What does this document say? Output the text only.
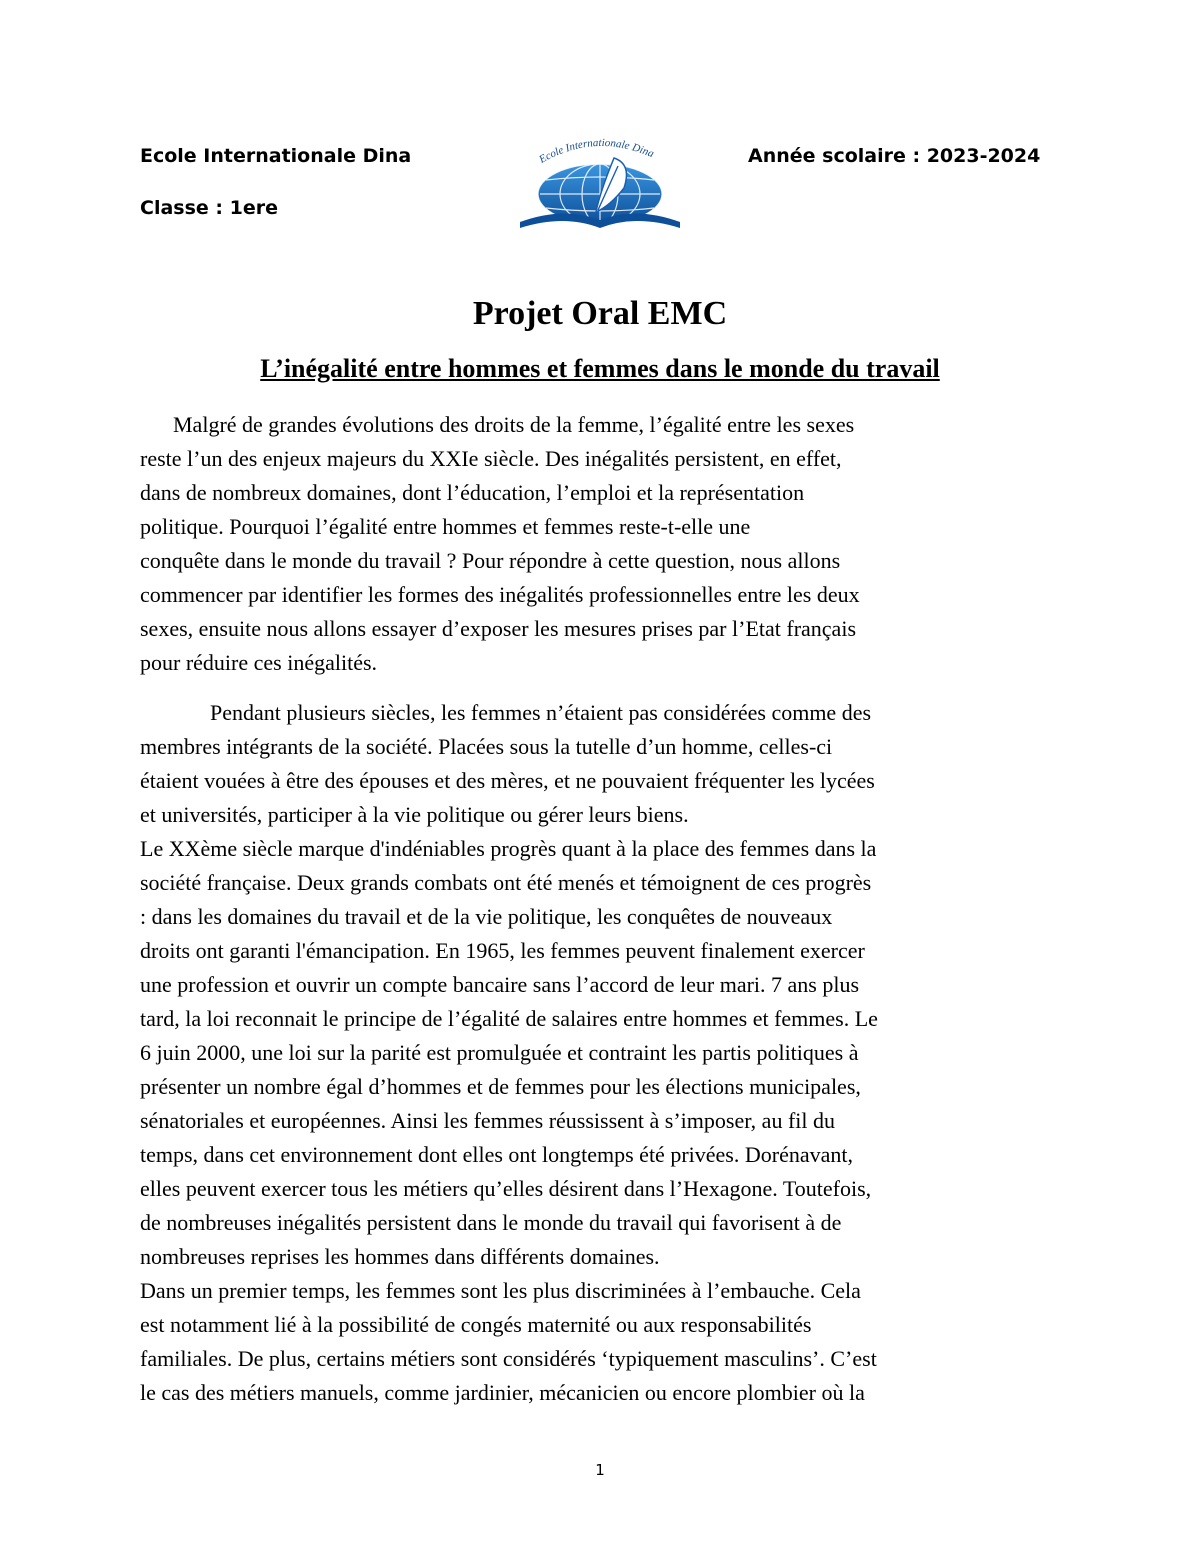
Ecole Internationale Dina
Classe : 1ere
Année scolaire : 2023-2024
Ecole Internationale Dina
Projet Oral EMC
L’inégalité entre hommes et femmes dans le monde du travail
Malgré de grandes évolutions des droits de la femme, l’égalité entre les sexes
reste l’un des enjeux majeurs du XXIe siècle. Des inégalités persistent, en effet,
dans de nombreux domaines, dont l’éducation, l’emploi et la représentation
politique. Pourquoi l’égalité entre hommes et femmes reste-t-elle une
conquête dans le monde du travail ? Pour répondre à cette question, nous allons
commencer par identifier les formes des inégalités professionnelles entre les deux
sexes, ensuite nous allons essayer d’exposer les mesures prises par l’Etat français
pour réduire ces inégalités.
Pendant plusieurs siècles, les femmes n’étaient pas considérées comme des
membres intégrants de la société. Placées sous la tutelle d’un homme, celles-ci
étaient vouées à être des épouses et des mères, et ne pouvaient fréquenter les lycées
et universités, participer à la vie politique ou gérer leurs biens.
Le XXème siècle marque d'indéniables progrès quant à la place des femmes dans la
société française. Deux grands combats ont été menés et témoignent de ces progrès
: dans les domaines du travail et de la vie politique, les conquêtes de nouveaux
droits ont garanti l'émancipation. En 1965, les femmes peuvent finalement exercer
une profession et ouvrir un compte bancaire sans l’accord de leur mari. 7 ans plus
tard, la loi reconnait le principe de l’égalité de salaires entre hommes et femmes. Le
6 juin 2000, une loi sur la parité est promulguée et contraint les partis politiques à
présenter un nombre égal d’hommes et de femmes pour les élections municipales,
sénatoriales et européennes. Ainsi les femmes réussissent à s’imposer, au fil du
temps, dans cet environnement dont elles ont longtemps été privées. Dorénavant,
elles peuvent exercer tous les métiers qu’elles désirent dans l’Hexagone. Toutefois,
de nombreuses inégalités persistent dans le monde du travail qui favorisent à de
nombreuses reprises les hommes dans différents domaines.
Dans un premier temps, les femmes sont les plus discriminées à l’embauche. Cela
est notamment lié à la possibilité de congés maternité ou aux responsabilités
familiales. De plus, certains métiers sont considérés ‘typiquement masculins’. C’est
le cas des métiers manuels, comme jardinier, mécanicien ou encore plombier où la
1
